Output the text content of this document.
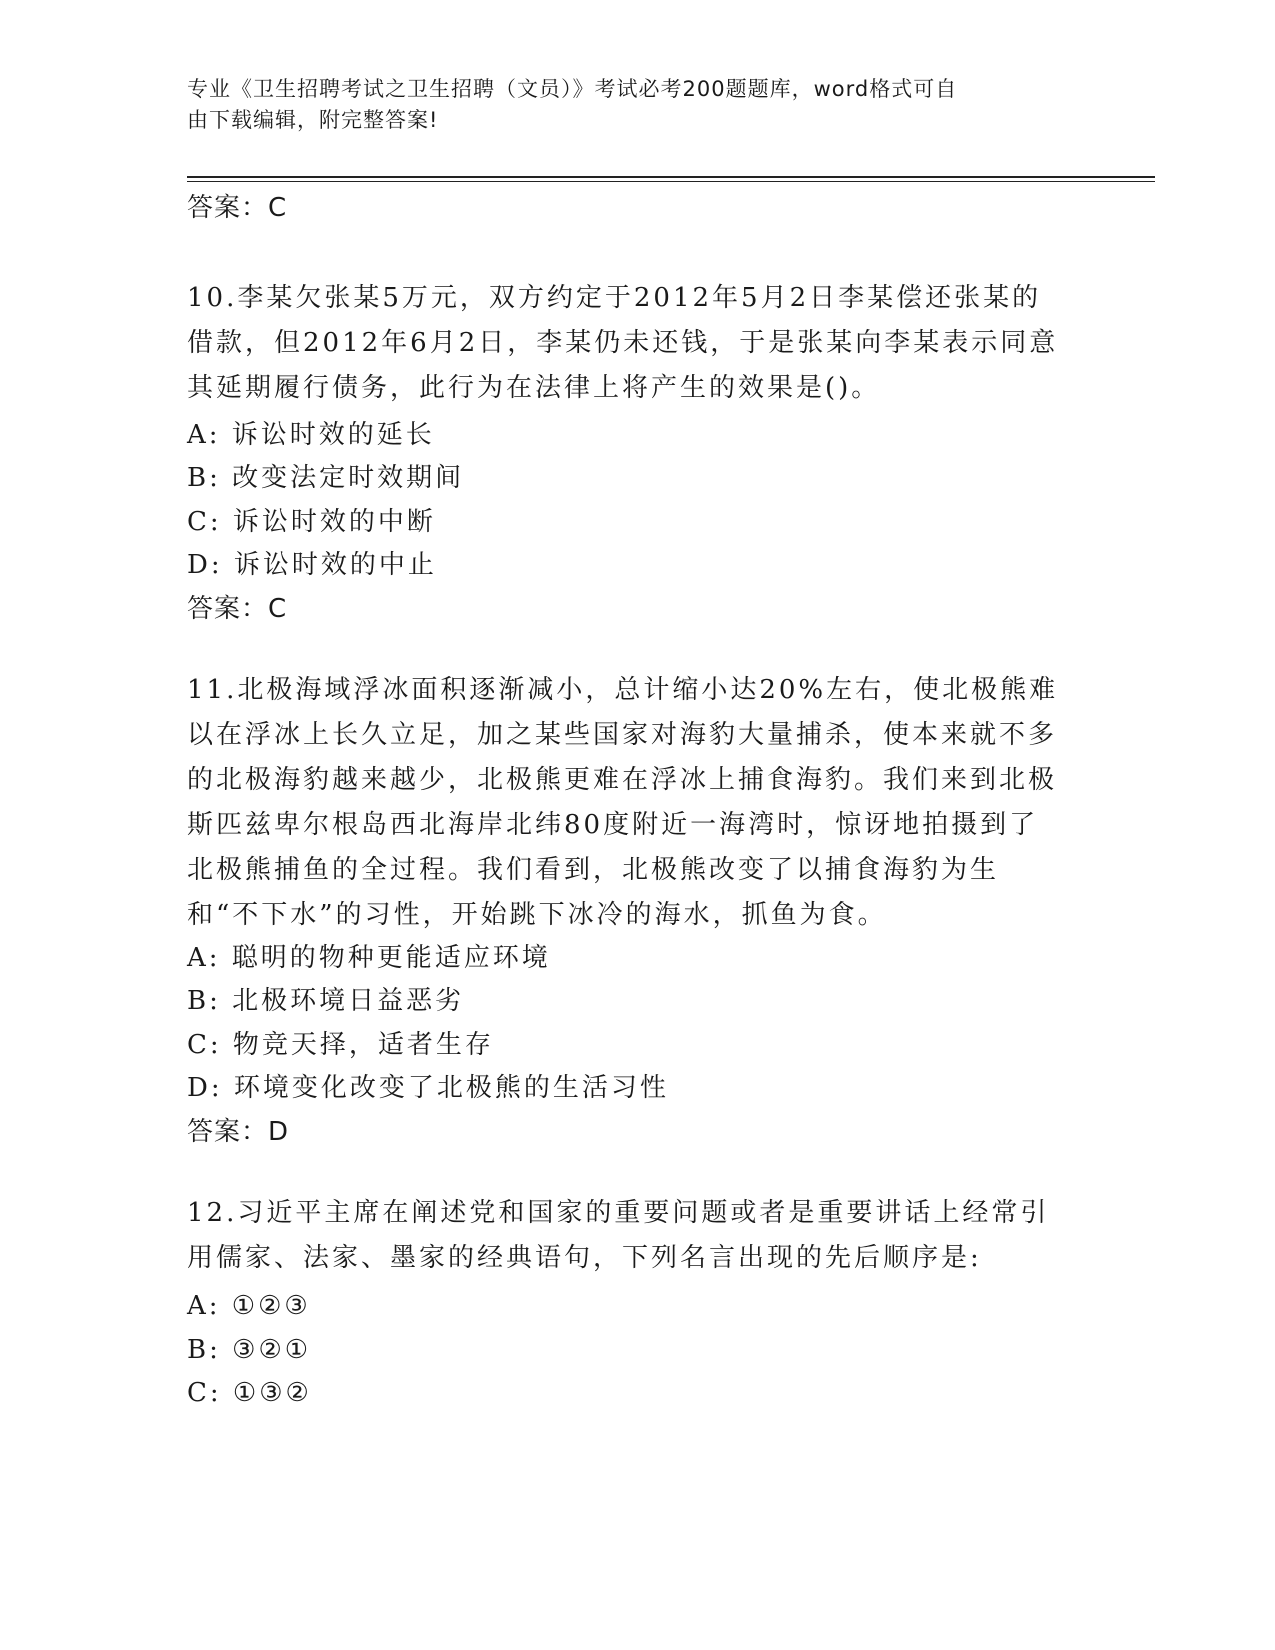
专业《卫生招聘考试之卫生招聘（文员）》考试必考200题题库，word格式可自
由下载编辑，附完整答案!
答案：C
10.李某欠张某5万元，双方约定于2012年5月2日李某偿还张某的借款，但2012年6月2日，李某仍未还钱，于是张某向李某表示同意其延期履行债务，此行为在法律上将产生的效果是()。
A: 诉讼时效的延长
B: 改变法定时效期间
C: 诉讼时效的中断
D: 诉讼时效的中止
答案：C
11.北极海域浮冰面积逐渐减小，总计缩小达20%左右，使北极熊难以在浮冰上长久立足，加之某些国家对海豹大量捕杀，使本来就不多的北极海豹越来越少，北极熊更难在浮冰上捕食海豹。我们来到北极斯匹兹卑尔根岛西北海岸北纬80度附近一海湾时，惊讶地拍摄到了北极熊捕鱼的全过程。我们看到，北极熊改变了以捕食海豹为生和“不下水”的习性，开始跳下冰冷的海水，抓鱼为食。
A: 聪明的物种更能适应环境
B: 北极环境日益恶劣
C: 物竞天择，适者生存
D: 环境变化改变了北极熊的生活习性
答案：D
12.习近平主席在阐述党和国家的重要问题或者是重要讲话上经常引用儒家、法家、墨家的经典语句，下列名言出现的先后顺序是:
A: ①②③
B: ③②①
C: ①③②
